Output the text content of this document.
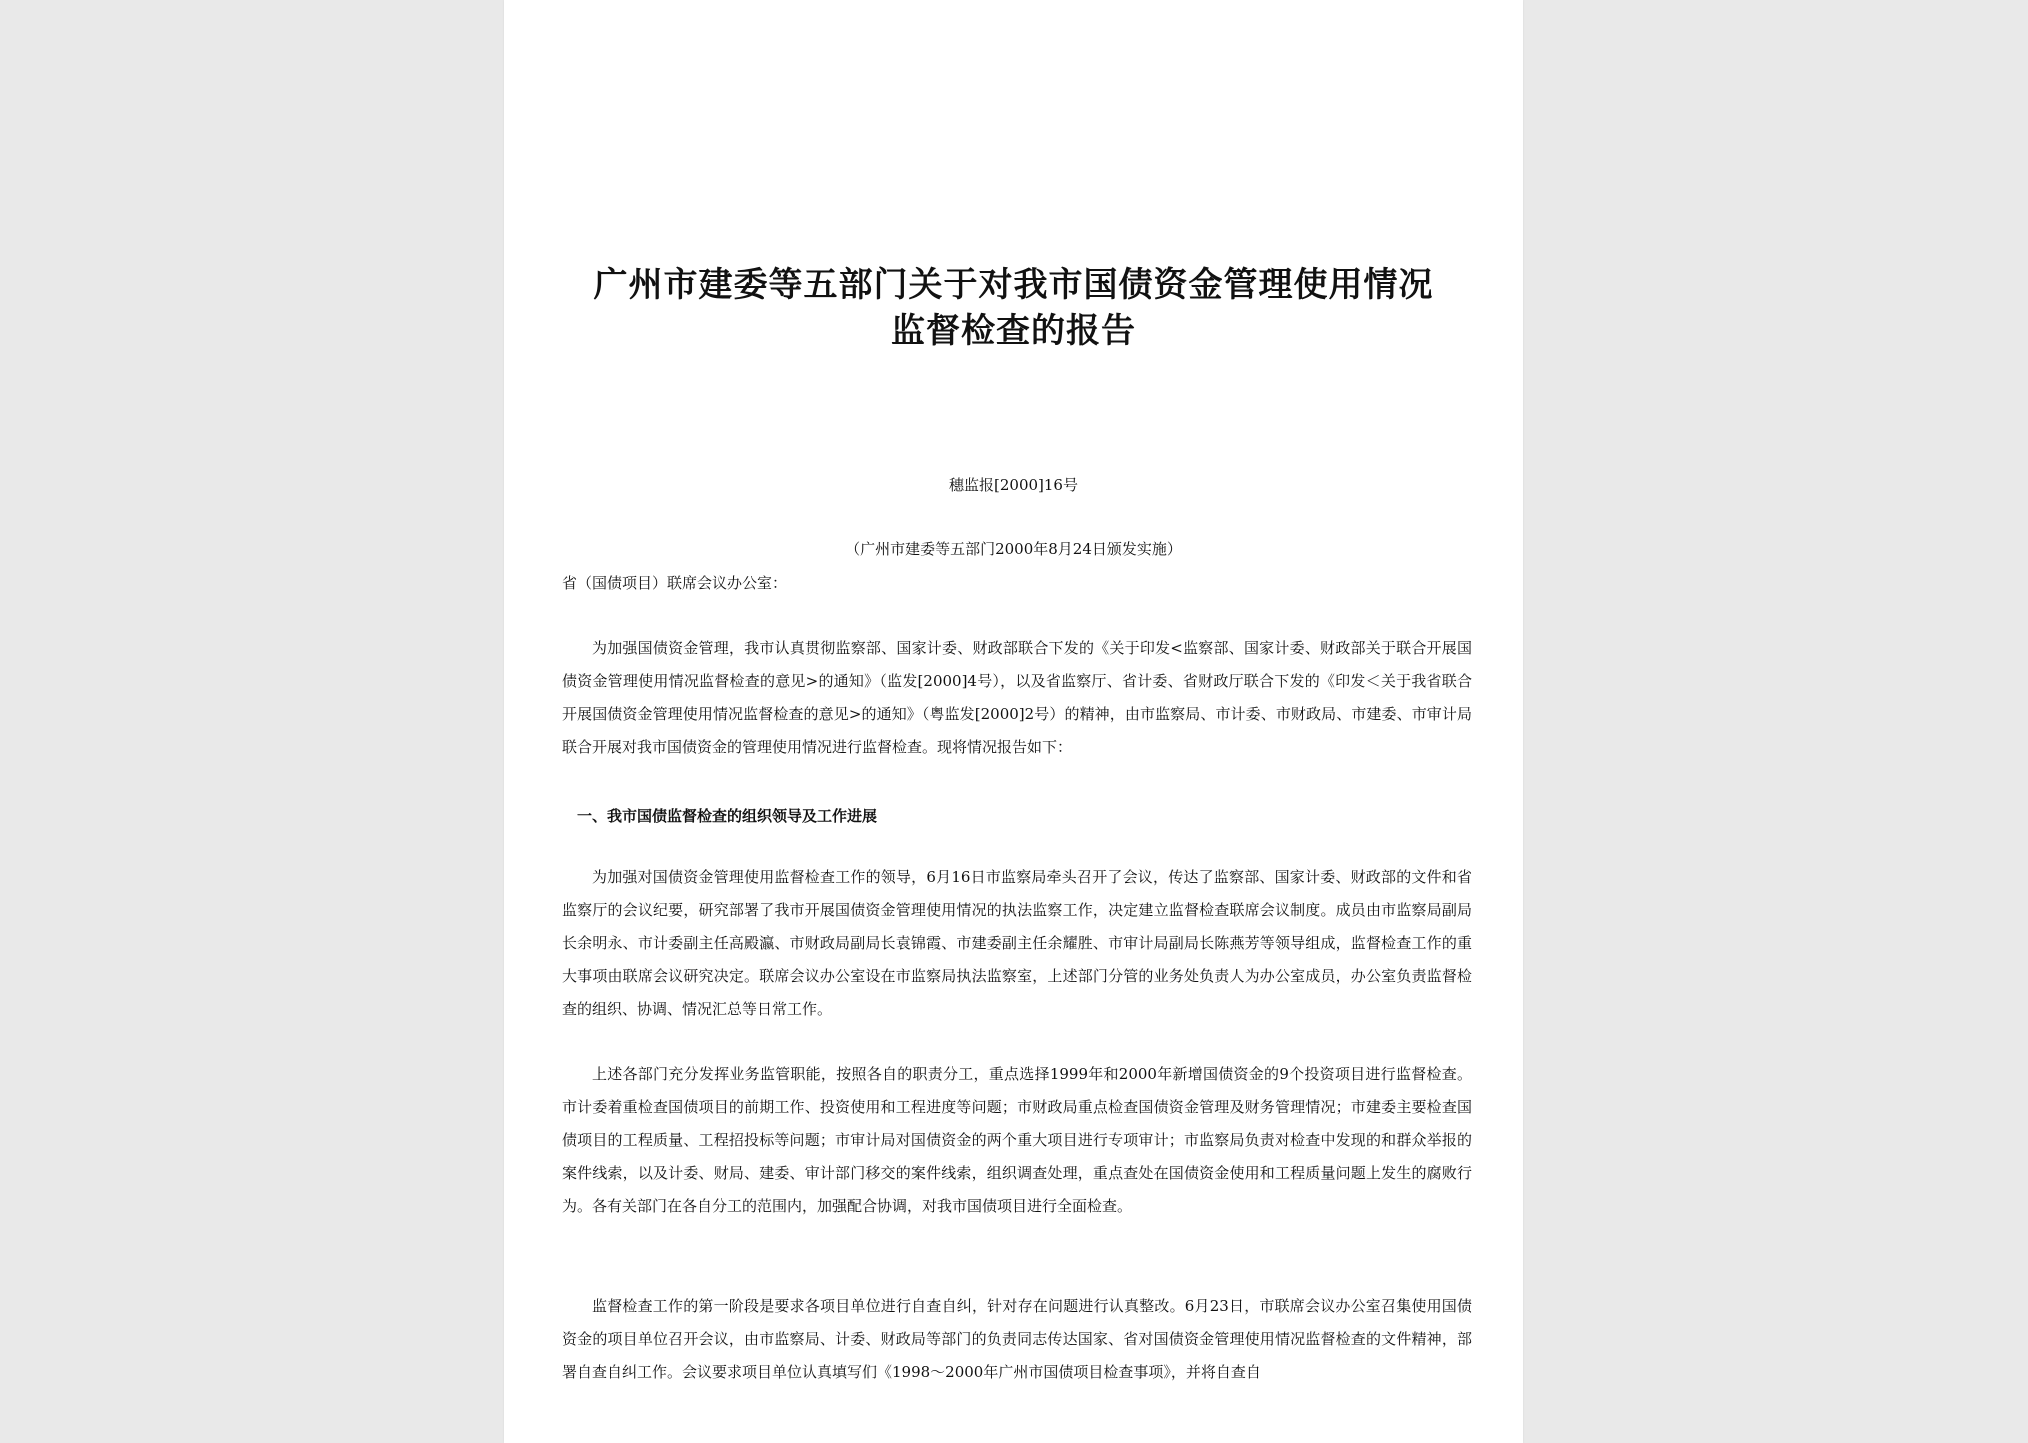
广州市建委等五部门关于对我市国债资金管理使用情况
监督检查的报告
穗监报[2000]16号
（广州市建委等五部门2000年8月24日颁发实施）
省（国债项目）联席会议办公室：

为加强国债资金管理，我市认真贯彻监察部、国家计委、财政部联合下发的《关于印发<监察部、国家计委、财政部关于联合开展国债资金管理使用情况监督检查的意见>的通知》（监发[2000]4号），以及省监察厅、省计委、省财政厅联合下发的《印发＜关于我省联合开展国债资金管理使用情况监督检查的意见>的通知》（粤监发[2000]2号）的精神，由市监察局、市计委、市财政局、市建委、市审计局联合开展对我市国债资金的管理使用情况进行监督检查。现将情况报告如下：

一、我市国债监督检查的组织领导及工作进展

为加强对国债资金管理使用监督检查工作的领导，6月16日市监察局牵头召开了会议，传达了监察部、国家计委、财政部的文件和省监察厅的会议纪要，研究部署了我市开展国债资金管理使用情况的执法监察工作，决定建立监督检查联席会议制度。成员由市监察局副局长余明永、市计委副主任高殿瀛、市财政局副局长袁锦霞、市建委副主任余耀胜、市审计局副局长陈燕芳等领导组成，监督检查工作的重大事项由联席会议研究决定。联席会议办公室设在市监察局执法监察室，上述部门分管的业务处负责人为办公室成员，办公室负责监督检查的组织、协调、情况汇总等日常工作。

上述各部门充分发挥业务监管职能，按照各自的职责分工，重点选择1999年和2000年新增国债资金的9个投资项目进行监督检查。市计委着重检查国债项目的前期工作、投资使用和工程进度等问题；市财政局重点检查国债资金管理及财务管理情况；市建委主要检查国债项目的工程质量、工程招投标等问题；市审计局对国债资金的两个重大项目进行专项审计；市监察局负责对检查中发现的和群众举报的案件线索，以及计委、财局、建委、审计部门移交的案件线索，组织调查处理，重点查处在国债资金使用和工程质量问题上发生的腐败行为。各有关部门在各自分工的范围内，加强配合协调，对我市国债项目进行全面检查。

监督检查工作的第一阶段是要求各项目单位进行自查自纠，针对存在问题进行认真整改。6月23日，市联席会议办公室召集使用国债资金的项目单位召开会议，由市监察局、计委、财政局等部门的负责同志传达国家、省对国债资金管理使用情况监督检查的文件精神，部署自查自纠工作。会议要求项目单位认真填写们《1998～2000年广州市国债项目检查事项》，并将自查自
